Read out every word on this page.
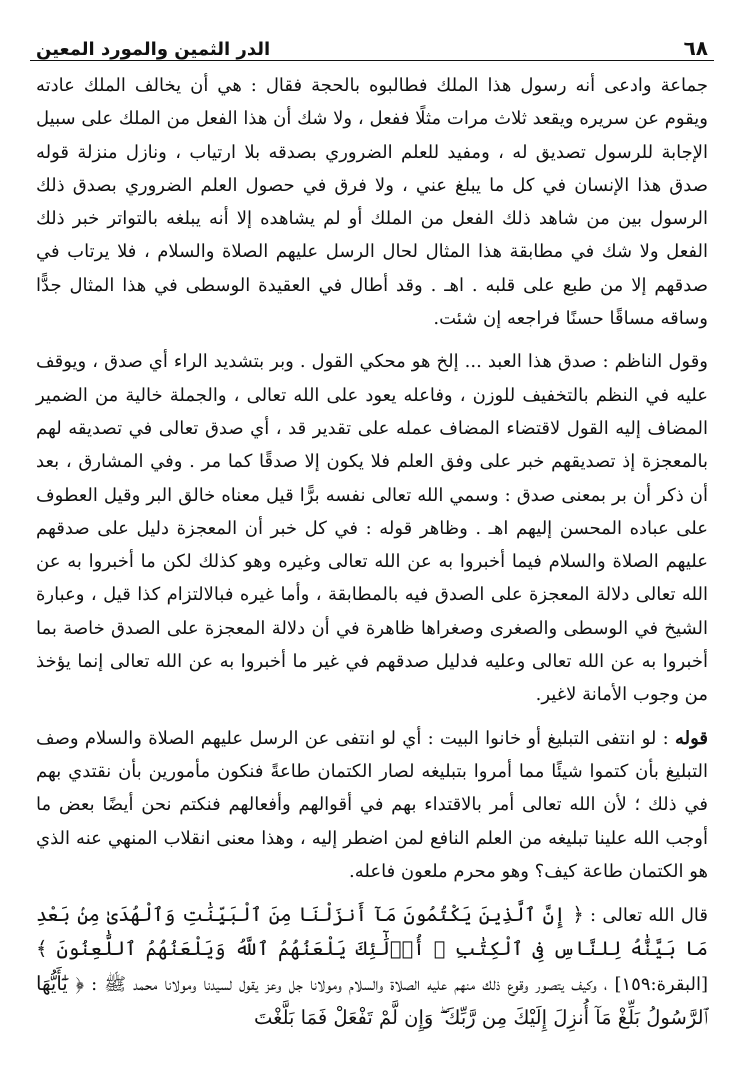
٦٨
الدر الثمين والمورد المعين

جماعة وادعى أنه رسول هذا الملك فطالبوه بالحجة فقال : هي أن يخالف الملك عادته ويقوم عن سريره ويقعد ثلاث مرات مثلًا ففعل ، ولا شك أن هذا الفعل من الملك على سبيل الإجابة للرسول تصديق له ، ومفيد للعلم الضروري بصدقه بلا ارتياب ، ونازل منزلة قوله صدق هذا الإنسان في كل ما يبلغ عني ، ولا فرق في حصول العلم الضروري بصدق ذلك الرسول بين من شاهد ذلك الفعل من الملك أو لم يشاهده إلا أنه يبلغه بالتواتر خبر ذلك الفعل ولا شك في مطابقة هذا المثال لحال الرسل عليهم الصلاة والسلام ، فلا يرتاب في صدقهم إلا من طبع على قلبه . اهـ . وقد أطال في العقيدة الوسطى في هذا المثال جدًّا وساقه مساقًا حسنًا فراجعه إن شئت.

وقول الناظم : صدق هذا العبد ... إلخ هو محكي القول . وبر بتشديد الراء أي صدق ، ويوقف عليه في النظم بالتخفيف للوزن ، وفاعله يعود على الله تعالى ، والجملة خالية من الضمير المضاف إليه القول لاقتضاء المضاف عمله على تقدير قد ، أي صدق تعالى في تصديقه لهم بالمعجزة إذ تصديقهم خبر على وفق العلم فلا يكون إلا صدقًا كما مر . وفي المشارق ، بعد أن ذكر أن بر بمعنى صدق : وسمي الله تعالى نفسه برًّا قيل معناه خالق البر وقيل العطوف على عباده المحسن إليهم اهـ . وظاهر قوله : في كل خبر أن المعجزة دليل على صدقهم عليهم الصلاة والسلام فيما أخبروا به عن الله تعالى وغيره وهو كذلك لكن ما أخبروا به عن الله تعالى دلالة المعجزة على الصدق فيه بالمطابقة ، وأما غيره فبالالتزام كذا قيل ، وعبارة الشيخ في الوسطى والصغرى وصغراها ظاهرة في أن دلالة المعجزة على الصدق خاصة بما أخبروا به عن الله تعالى وعليه فدليل صدقهم في غير ما أخبروا به عن الله تعالى إنما يؤخذ من وجوب الأمانة لاغير.

قوله : لو انتفى التبليغ أو خانوا البيت : أي لو انتفى عن الرسل عليهم الصلاة والسلام وصف التبليغ بأن كتموا شيئًا مما أمروا بتبليغه لصار الكتمان طاعةً فنكون مأمورين بأن نقتدي بهم في ذلك ؛ لأن الله تعالى أمر بالاقتداء بهم في أقوالهم وأفعالهم فنكتم نحن أيضًا بعض ما أوجب الله علينا تبليغه من العلم النافع لمن اضطر إليه ، وهذا معنى انقلاب المنهي عنه الذي هو الكتمان طاعة كيف؟ وهو محرم ملعون فاعله.

قال الله تعالى : ﴿ إِنَّ ٱلَّذِينَ يَكْتُمُونَ مَآ أَنزَلْنَا مِنَ ٱلْبَيِّنَٰتِ وَٱلْهُدَىٰ مِنۢ بَعْدِ مَا بَيَّنَّٰهُ لِلنَّاسِ فِى ٱلْكِتَٰبِ ۙ أُو۟لَٰٓئِكَ يَلْعَنُهُمُ ٱللَّهُ وَيَلْعَنُهُمُ ٱللَّٰعِنُونَ ﴾ [البقرة:١٥٩] ، وكيف يتصور وقوع ذلك منهم عليه الصلاة والسلام ومولانا جل وعز يقول لسيدنا ومولانا محمد ﷺ : ﴿ يَٰٓأَيُّهَا ٱلرَّسُولُ بَلِّغْ مَآ أُنزِلَ إِلَيْكَ مِن رَّبِّكَ ۖ وَإِن لَّمْ تَفْعَلْ فَمَا بَلَّغْتَ
